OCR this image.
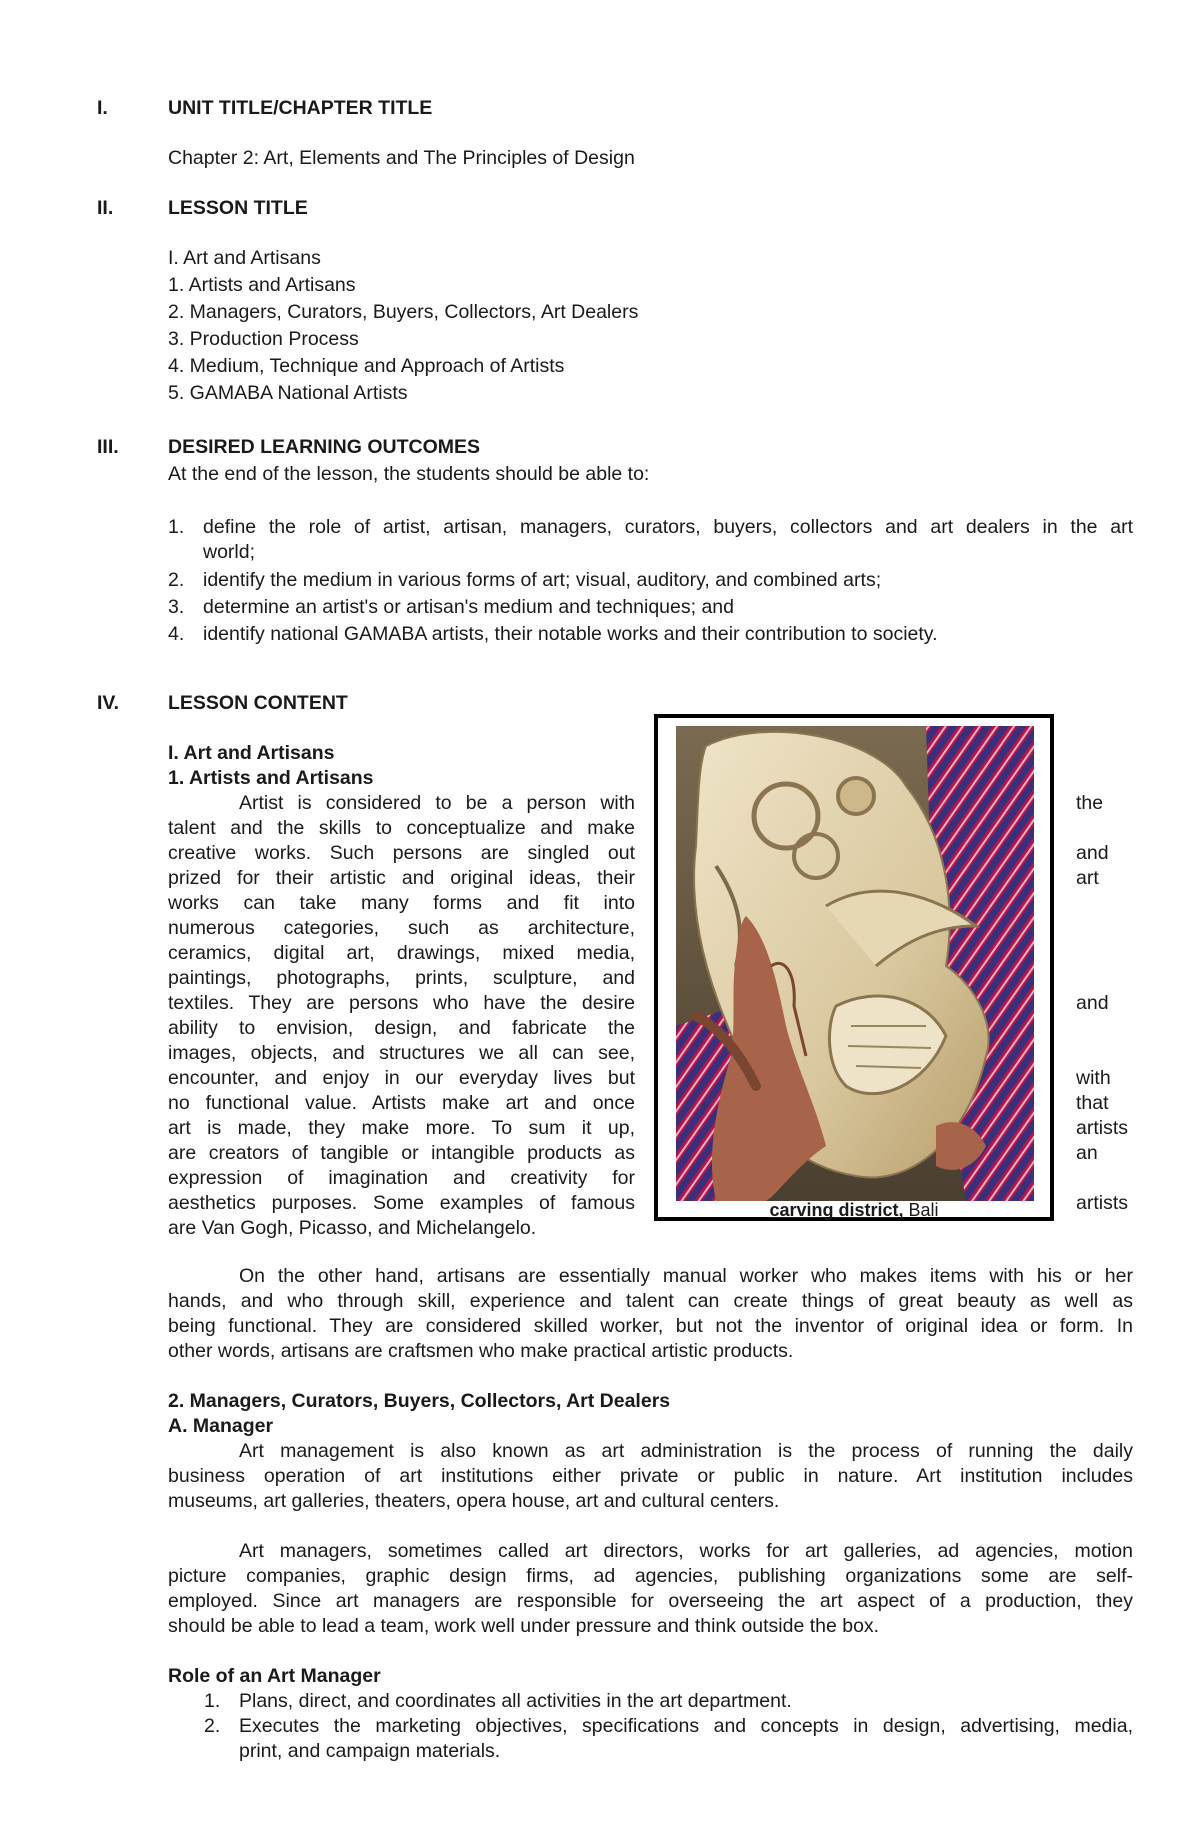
I.	UNIT TITLE/CHAPTER TITLE
Chapter 2: Art, Elements and The Principles of Design
II.	LESSON TITLE
I. Art and Artisans
1. Artists and Artisans
2. Managers, Curators, Buyers, Collectors, Art Dealers
3. Production Process
4. Medium, Technique and Approach of Artists
5. GAMABA National Artists
III.	DESIRED LEARNING OUTCOMES
At the end of the lesson, the students should be able to:
1. define the role of artist, artisan, managers, curators, buyers, collectors and art dealers in the art
world;
2. identify the medium in various forms of art; visual, auditory, and combined arts;
3. determine an artist's or artisan's medium and techniques; and
4. identify national GAMABA artists, their notable works and their contribution to society.
IV.	LESSON CONTENT
I. Art and Artisans
1. Artists and Artisans
Artist is considered to be a person with
talent and the skills to conceptualize and make
creative works. Such persons are singled out
prized for their artistic and original ideas, their
works can take many forms and fit into
numerous categories, such as architecture,
ceramics, digital art, drawings, mixed media,
paintings, photographs, prints, sculpture, and
textiles. They are persons who have the desire
ability to envision, design, and fabricate the
images, objects, and structures we all can see,
encounter, and enjoy in our everyday lives but
no functional value. Artists make art and once
art is made, they make more. To sum it up,
are creators of tangible or intangible products as
expression of imagination and creativity for
aesthetics purposes. Some examples of famous
are Van Gogh, Picasso, and Michelangelo.
the
and
art
and
with
that
artists
an
artists
carving district, Bali
On the other hand, artisans are essentially manual worker who makes items with his or her
hands, and who through skill, experience and talent can create things of great beauty as well as
being functional. They are considered skilled worker, but not the inventor of original idea or form. In
other words, artisans are craftsmen who make practical artistic products.
2. Managers, Curators, Buyers, Collectors, Art Dealers
A. Manager
Art management is also known as art administration is the process of running the daily
business operation of art institutions either private or public in nature. Art institution includes
museums, art galleries, theaters, opera house, art and cultural centers.
Art managers, sometimes called art directors, works for art galleries, ad agencies, motion
picture companies, graphic design firms, ad agencies, publishing organizations some are self-
employed. Since art managers are responsible for overseeing the art aspect of a production, they
should be able to lead a team, work well under pressure and think outside the box.
Role of an Art Manager
1. Plans, direct, and coordinates all activities in the art department.
2. Executes the marketing objectives, specifications and concepts in design, advertising, media,
print, and campaign materials.
